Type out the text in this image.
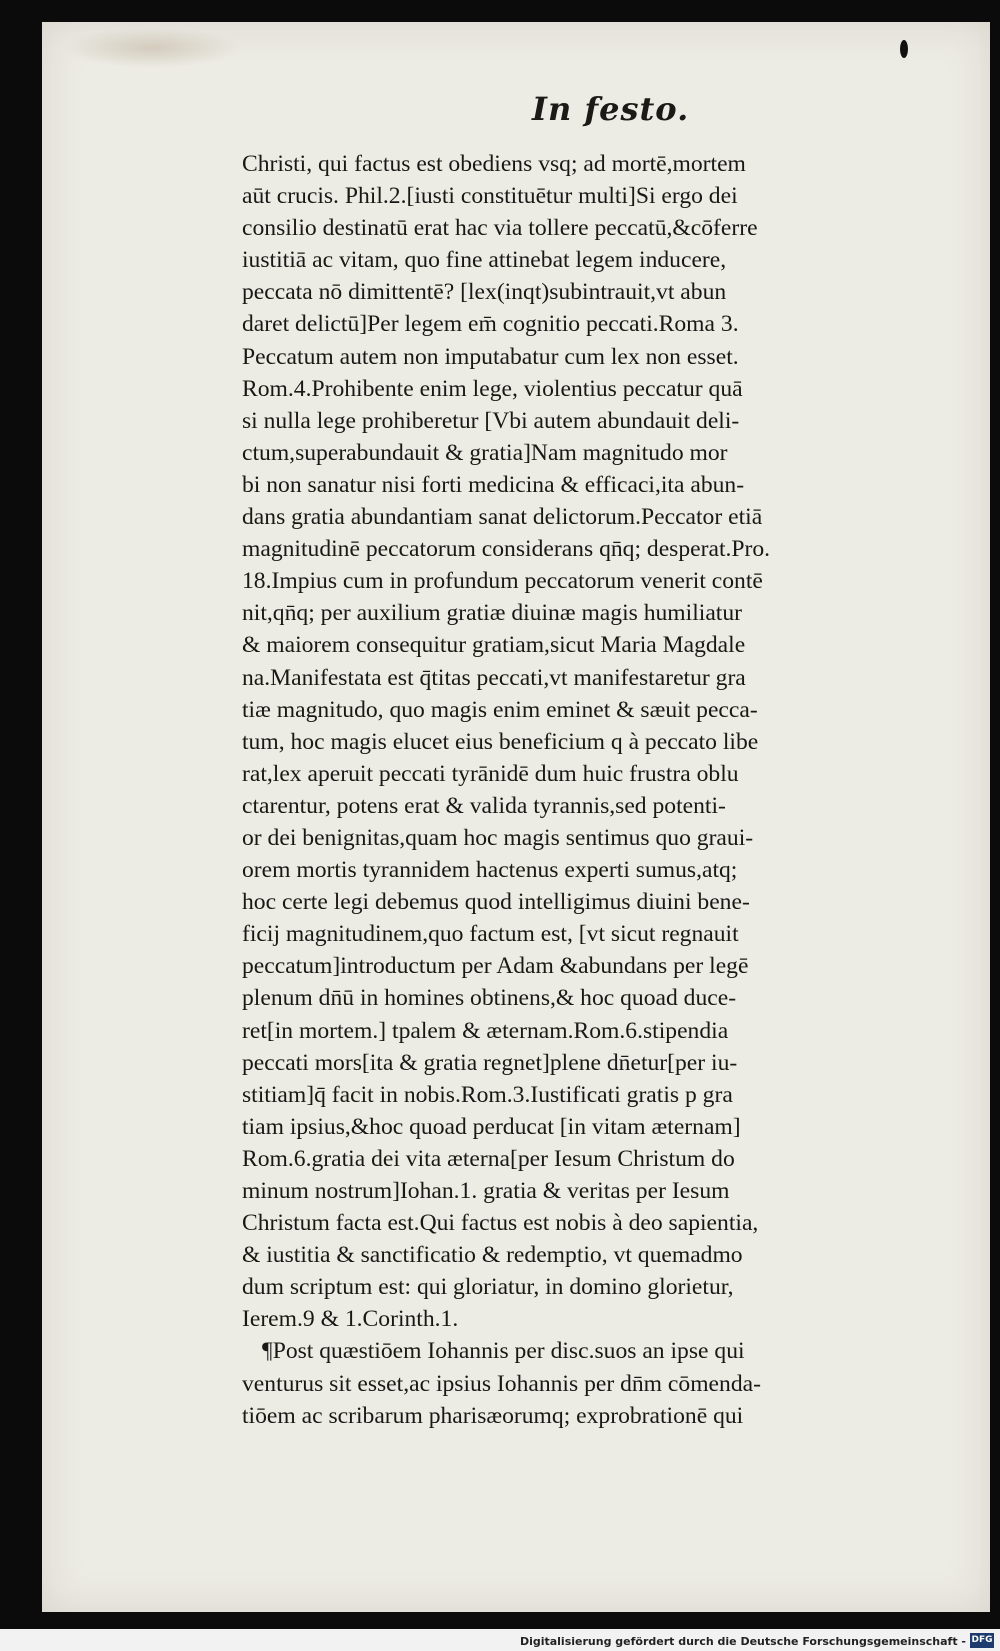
In festo.
Christi, qui factus est obediens vsq; ad mortē,mortem
aūt crucis. Phil.2.[iusti constituētur multi]Si ergo dei
consilio destinatū erat hac via tollere peccatū,&cōferre
iustitiā ac vitam, quo fine attinebat legem inducere,
peccata nō dimittentē? [lex(inqt)subintrauit,vt abun
daret delictū]Per legem em̄ cognitio peccati.Roma 3.
Peccatum autem non imputabatur cum lex non esset.
Rom.4.Prohibente enim lege, violentius peccatur quā
si nulla lege prohiberetur [Vbi autem abundauit deli-
ctum,superabundauit & gratia]Nam magnitudo mor
bi non sanatur nisi forti medicina & efficaci,ita abun-
dans gratia abundantiam sanat delictorum.Peccator etiā
magnitudinē peccatorum considerans qn̄q; desperat.Pro.
18.Impius cum in profundum peccatorum venerit contē
nit,qn̄q; per auxilium gratiæ diuinæ magis humiliatur
& maiorem consequitur gratiam,sicut Maria Magdale
na.Manifestata est q̄titas peccati,vt manifestaretur gra
tiæ magnitudo, quo magis enim eminet & sæuit pecca-
tum, hoc magis elucet eius beneficium q à peccato libe
rat,lex aperuit peccati tyrānidē dum huic frustra oblu
ctarentur, potens erat & valida tyrannis,sed potenti-
or dei benignitas,quam hoc magis sentimus quo graui-
orem mortis tyrannidem hactenus experti sumus,atq;
hoc certe legi debemus quod intelligimus diuini bene-
ficij magnitudinem,quo factum est, [vt sicut regnauit
peccatum]introductum per Adam &abundans per legē
plenum dn̄ū in homines obtinens,& hoc quoad duce-
ret[in mortem.] tpalem & æternam.Rom.6.stipendia
peccati mors[ita & gratia regnet]plene dn̄etur[per iu-
stitiam]q̄ facit in nobis.Rom.3.Iustificati gratis p gra
tiam ipsius,&hoc quoad perducat [in vitam æternam]
Rom.6.gratia dei vita æterna[per Iesum Christum do
minum nostrum]Iohan.1. gratia & veritas per Iesum
Christum facta est.Qui factus est nobis à deo sapientia,
& iustitia & sanctificatio & redemptio, vt quemadmo
dum scriptum est: qui gloriatur, in domino glorietur,
Ierem.9 & 1.Corinth.1.
¶Post quæstiōem Iohannis per disc.suos an ipse qui
venturus sit esset,ac ipsius Iohannis per dn̄m cōmenda-
tiōem ac scribarum pharisæorumq; exprobrationē qui
Digitalisierung gefördert durch die Deutsche Forschungsgemeinschaft - DFG
